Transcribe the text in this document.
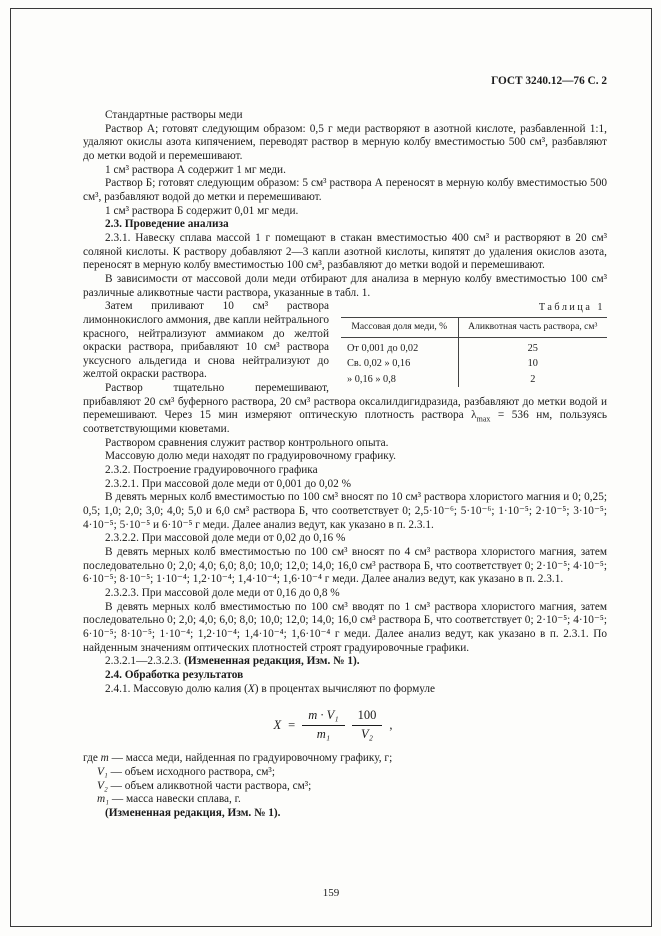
ГОСТ 3240.12—76 С. 2

Стандартные растворы меди

Раствор А; готовят следующим образом: 0,5 г меди растворяют в азотной кислоте, разбавленной 1:1, удаляют окислы азота кипячением, переводят раствор в мерную колбу вместимостью 500 см³, разбавляют до метки водой и перемешивают.

1 см³ раствора А содержит 1 мг меди.

Раствор Б; готовят следующим образом: 5 см³ раствора А переносят в мерную колбу вместимостью 500 см³, разбавляют водой до метки и перемешивают.

1 см³ раствора Б содержит 0,01 мг меди.

2.3. Проведение анализа

2.3.1. Навеску сплава массой 1 г помещают в стакан вместимостью 400 см³ и растворяют в 20 см³ соляной кислоты. К раствору добавляют 2—3 капли азотной кислоты, кипятят до удаления окислов азота, переносят в мерную колбу вместимостью 100 см³, разбавляют до метки водой и перемешивают.

В зависимости от массовой доли меди отбирают для анализа в мерную колбу вместимостью 100 см³ различные аликвотные части раствора, указанные в табл. 1.

Таблица 1
Массовая доля меди, %	Аликвотная часть раствора, см³
От 0,001 до 0,02	25
Св. 0,02 » 0,16	10
» 0,16 » 0,8	2

Затем приливают 10 см³ раствора лимоннокислого аммония, две капли нейтрального красного, нейтрализуют аммиаком до желтой окраски раствора, прибавляют 10 см³ раствора уксусного альдегида и снова нейтрализуют до желтой окраски раствора.

Раствор тщательно перемешивают, прибавляют 20 см³ буферного раствора, 20 см³ раствора оксалилдигидразида, разбавляют до метки водой и перемешивают. Через 15 мин измеряют оптическую плотность раствора $\lambda_{max} = 536$ нм, пользуясь соответствующими кюветами.

Раствором сравнения служит раствор контрольного опыта.

Массовую долю меди находят по градуировочному графику.

2.3.2. Построение градуировочного графика

2.3.2.1. При массовой доле меди от 0,001 до 0,02 %

В девять мерных колб вместимостью по 100 см³ вносят по 10 см³ раствора хлористого магния и 0; 0,25; 0,5; 1,0; 2,0; 3,0; 4,0; 5,0 и 6,0 см³ раствора Б, что соответствует 0; 2,5·10⁻⁶; 5·10⁻⁶; 1·10⁻⁵; 2·10⁻⁵; 3·10⁻⁵; 4·10⁻⁵; 5·10⁻⁵ и 6·10⁻⁵ г меди. Далее анализ ведут, как указано в п. 2.3.1.

2.3.2.2. При массовой доле меди от 0,02 до 0,16 %

В девять мерных колб вместимостью по 100 см³ вносят по 4 см³ раствора хлористого магния, затем последовательно 0; 2,0; 4,0; 6,0; 8,0; 10,0; 12,0; 14,0; 16,0 см³ раствора Б, что соответствует 0; 2·10⁻⁵; 4·10⁻⁵; 6·10⁻⁵; 8·10⁻⁵; 1·10⁻⁴; 1,2·10⁻⁴; 1,4·10⁻⁴; 1,6·10⁻⁴ г меди. Далее анализ ведут, как указано в п. 2.3.1.

2.3.2.3. При массовой доле меди от 0,16 до 0,8 %

В девять мерных колб вместимостью по 100 см³ вводят по 1 см³ раствора хлористого магния, затем последовательно 0; 2,0; 4,0; 6,0; 8,0; 10,0; 12,0; 14,0; 16,0 см³ раствора Б, что соответствует 0; 2·10⁻⁵; 4·10⁻⁵; 6·10⁻⁵; 8·10⁻⁵; 1·10⁻⁴; 1,2·10⁻⁴; 1,4·10⁻⁴; 1,6·10⁻⁴ г меди. Далее анализ ведут, как указано в п. 2.3.1. По найденным значениям оптических плотностей строят градуировочные графики.

2.3.2.1—2.3.2.3. (Измененная редакция, Изм. № 1).

2.4. Обработка результатов

2.4.1. Массовую долю калия (X) в процентах вычисляют по формуле

$X = \frac{\text{m · V₁}}{\text{m₁}} \frac{100}{\text{V₂}}$ ,

где m — масса меди, найденная по градуировочному графику, г;

V₁ — объем исходного раствора, см³;

V₂ — объем аликвотной части раствора, см³;

m₁ — масса навески сплава, г.

(Измененная редакция, Изм. № 1).

159
